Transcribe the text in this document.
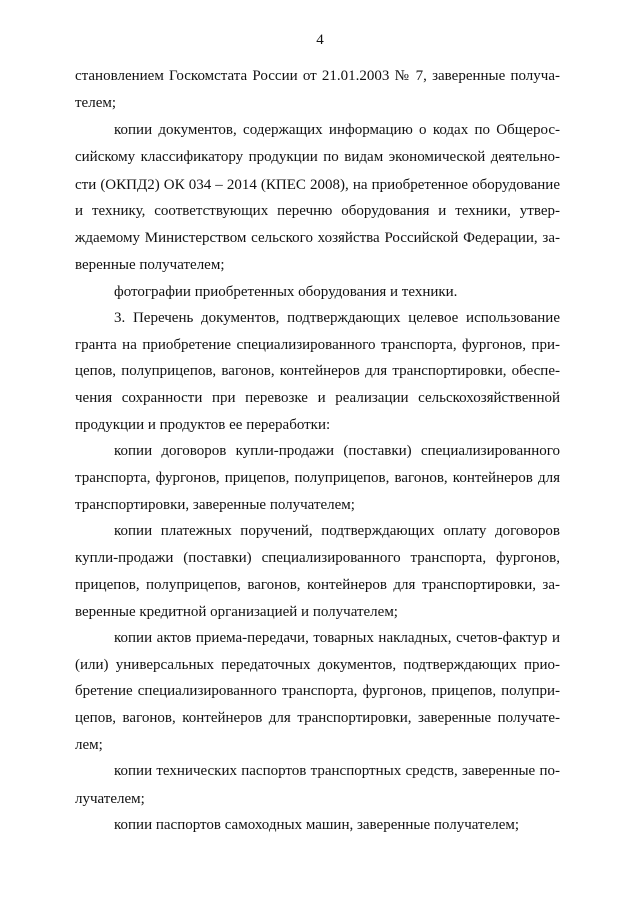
4
становлением Госкомстата России от 21.01.2003 № 7, заверенные получа-
телем;
копии документов, содержащих информацию о кодах по Общерос-
сийскому классификатору продукции по видам экономической деятельно-
сти (ОКПД2) ОК 034 – 2014 (КПЕС 2008), на приобретенное оборудование
и технику, соответствующих перечню оборудования и техники, утвер-
ждаемому Министерством сельского хозяйства Российской Федерации, за-
веренные получателем;
фотографии приобретенных оборудования и техники.
3. Перечень документов, подтверждающих целевое использование
гранта на приобретение специализированного транспорта, фургонов, при-
цепов, полуприцепов, вагонов, контейнеров для транспортировки, обеспе-
чения сохранности при перевозке и реализации сельскохозяйственной
продукции и продуктов ее переработки:
копии договоров купли-продажи (поставки) специализированного
транспорта, фургонов, прицепов, полуприцепов, вагонов, контейнеров для
транспортировки, заверенные получателем;
копии платежных поручений, подтверждающих оплату договоров
купли-продажи (поставки) специализированного транспорта, фургонов,
прицепов, полуприцепов, вагонов, контейнеров для транспортировки, за-
веренные кредитной организацией и получателем;
копии актов приема-передачи, товарных накладных, счетов-фактур и
(или) универсальных передаточных документов, подтверждающих прио-
бретение специализированного транспорта, фургонов, прицепов, полупри-
цепов, вагонов, контейнеров для транспортировки, заверенные получате-
лем;
копии технических паспортов транспортных средств, заверенные по-
лучателем;
копии паспортов самоходных машин, заверенные получателем;
